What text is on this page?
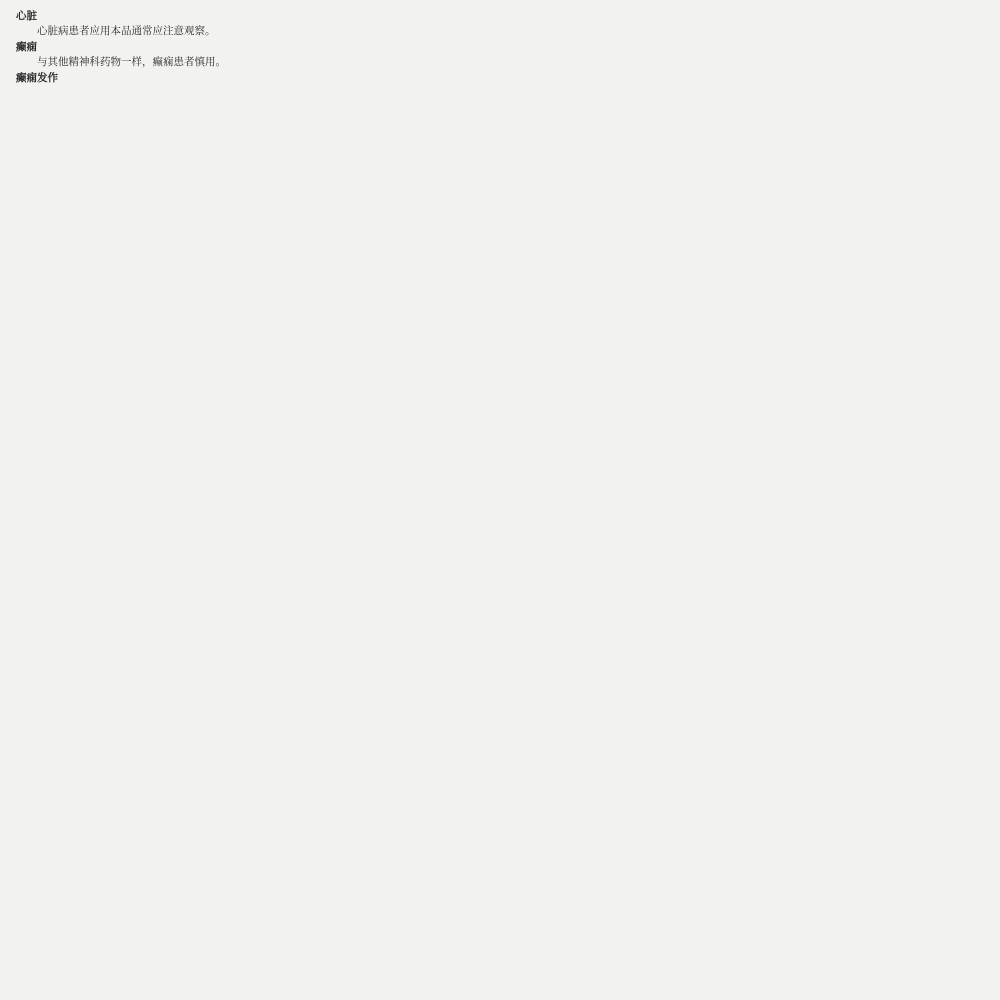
心脏

心脏病患者应用本品通常应注意观察。

癫痫

与其他精神科药物一样，癫痫患者慎用。

癫痫发作
